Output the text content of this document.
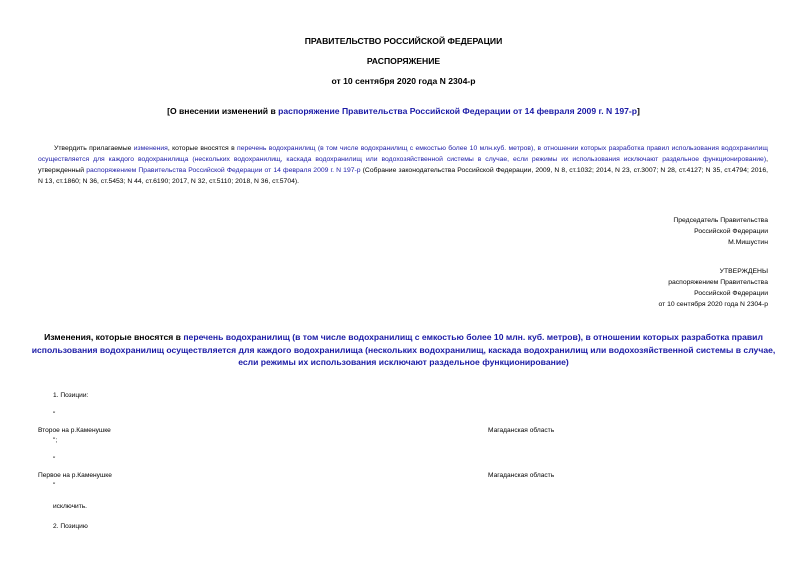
ПРАВИТЕЛЬСТВО РОССИЙСКОЙ ФЕДЕРАЦИИ
РАСПОРЯЖЕНИЕ
от 10 сентября 2020 года N 2304-р
[О внесении изменений в распоряжение Правительства Российской Федерации от 14 февраля 2009 г. N 197-р]
Утвердить прилагаемые изменения, которые вносятся в перечень водохранилищ (в том числе водохранилищ с емкостью более 10 млн.куб. метров), в отношении которых разработка правил использования водохранилищ осуществляется для каждого водохранилища (нескольких водохранилищ, каскада водохранилищ или водохозяйственной системы в случае, если режимы их использования исключают раздельное функционирование), утвержденный распоряжением Правительства Российской Федерации от 14 февраля 2009 г. N 197-р (Собрание законодательства Российской Федерации, 2009, N 8, ст.1032; 2014, N 23, ст.3007; N 28, ст.4127; N 35, ст.4794; 2016, N 13, ст.1860; N 36, ст.5453; N 44, ст.6190; 2017, N 32, ст.5110; 2018, N 36, ст.5704).
Председатель Правительства
Российской Федерации
М.Мишустин
УТВЕРЖДЕНЫ
распоряжением Правительства
Российской Федерации
от 10 сентября 2020 года N 2304-р
Изменения, которые вносятся в перечень водохранилищ (в том числе водохранилищ с емкостью более 10 млн. куб. метров), в отношении которых разработка правил использования водохранилищ осуществляется для каждого водохранилища (нескольких водохранилищ, каскада водохранилищ или водохозяйственной системы в случае, если режимы их использования исключают раздельное функционирование)
1. Позиции:
"
Второе на р.Каменушке	Магаданская область
";
"
Первое на р.Каменушке	Магаданская область
"
исключить.
2. Позицию
